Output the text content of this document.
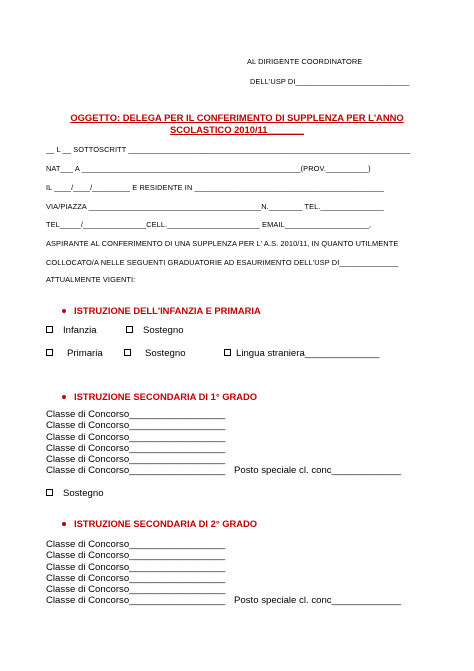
AL DIRIGENTE COORDINATORE
DELL'USP DI___________________________
OGGETTO: DELEGA PER IL CONFERIMENTO DI SUPPLENZA PER L'ANNO
SCOLASTICO 2010/11_______
__ L __ SOTTOSCRITT ___________________________________________________________________
NAT___ A ____________________________________________________(PROV.__________)
IL ____/____/_________ E RESIDENTE IN _____________________________________________
VIA/PIAZZA _________________________________________N.________ TEL._______________
TEL_____/_______________CELL.______________________ EMAIL____________________,
ASPIRANTE AL CONFERIMENTO DI UNA SUPPLENZA PER L' A.S. 2010/11, IN QUANTO UTILMENTE
COLLOCATO/A NELLE SEGUENTI GRADUATORIE AD ESAURIMENTO DELL'USP DI______________
ATTUALMENTE VIGENTI:
ISTRUZIONE DELL'INFANZIA E PRIMARIA
Infanzia	Sostegno
Primaria	Sostegno	Lingua straniera______________
ISTRUZIONE SECONDARIA DI 1° GRADO
Classe di Concorso__________________
Classe di Concorso__________________
Classe di Concorso__________________
Classe di Concorso__________________
Classe di Concorso__________________
Classe di Concorso__________________ Posto speciale cl. conc_____________
Sostegno
ISTRUZIONE SECONDARIA DI 2° GRADO
Classe di Concorso__________________
Classe di Concorso__________________
Classe di Concorso__________________
Classe di Concorso__________________
Classe di Concorso__________________
Classe di Concorso__________________ Posto speciale cl. conc_____________
